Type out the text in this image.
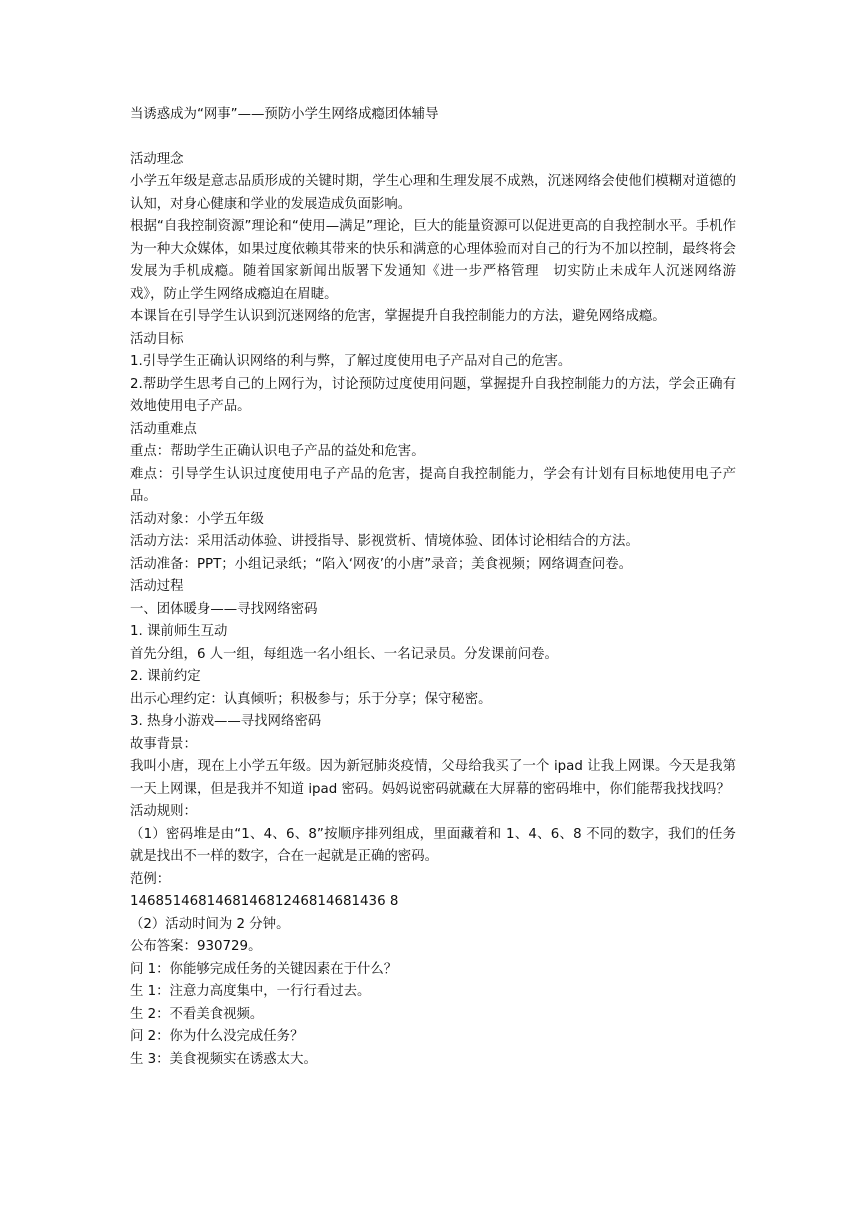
当诱惑成为“网事”——预防小学生网络成瘾团体辅导

活动理念

小学五年级是意志品质形成的关键时期，学生心理和生理发展不成熟，沉迷网络会使他们模糊对道德的认知，对身心健康和学业的发展造成负面影响。

根据“自我控制资源”理论和“使用—满足”理论，巨大的能量资源可以促进更高的自我控制水平。手机作为一种大众媒体，如果过度依赖其带来的快乐和满意的心理体验而对自己的行为不加以控制，最终将会发展为手机成瘾。随着国家新闻出版署下发通知《进一步严格管理　切实防止未成年人沉迷网络游戏》，防止学生网络成瘾迫在眉睫。

本课旨在引导学生认识到沉迷网络的危害，掌握提升自我控制能力的方法，避免网络成瘾。

活动目标

1.引导学生正确认识网络的利与弊，了解过度使用电子产品对自己的危害。

2.帮助学生思考自己的上网行为，讨论预防过度使用问题，掌握提升自我控制能力的方法，学会正确有效地使用电子产品。

活动重难点

重点：帮助学生正确认识电子产品的益处和危害。

难点：引导学生认识过度使用电子产品的危害，提高自我控制能力，学会有计划有目标地使用电子产品。

活动对象：小学五年级

活动方法：采用活动体验、讲授指导、影视赏析、情境体验、团体讨论相结合的方法。

活动准备：PPT；小组记录纸；“陷入‘网夜’的小唐”录音；美食视频；网络调查问卷。

活动过程

一、团体暖身——寻找网络密码

1. 课前师生互动

首先分组，6 人一组，每组选一名小组长、一名记录员。分发课前问卷。

2. 课前约定

出示心理约定：认真倾听；积极参与；乐于分享；保守秘密。

3. 热身小游戏——寻找网络密码

故事背景：

我叫小唐，现在上小学五年级。因为新冠肺炎疫情，父母给我买了一个 ipad 让我上网课。今天是我第一天上网课，但是我并不知道 ipad 密码。妈妈说密码就藏在大屏幕的密码堆中，你们能帮我找找吗？

活动规则：

（1）密码堆是由“1、4、6、8”按顺序排列组成，里面藏着和 1、4、6、8 不同的数字，我们的任务就是找出不一样的数字，合在一起就是正确的密码。

范例：

146851468146814681246814681436 8

（2）活动时间为 2 分钟。

公布答案：930729。

问 1：你能够完成任务的关键因素在于什么？

生 1：注意力高度集中，一行行看过去。

生 2：不看美食视频。

问 2：你为什么没完成任务？

生 3：美食视频实在诱惑太大。
